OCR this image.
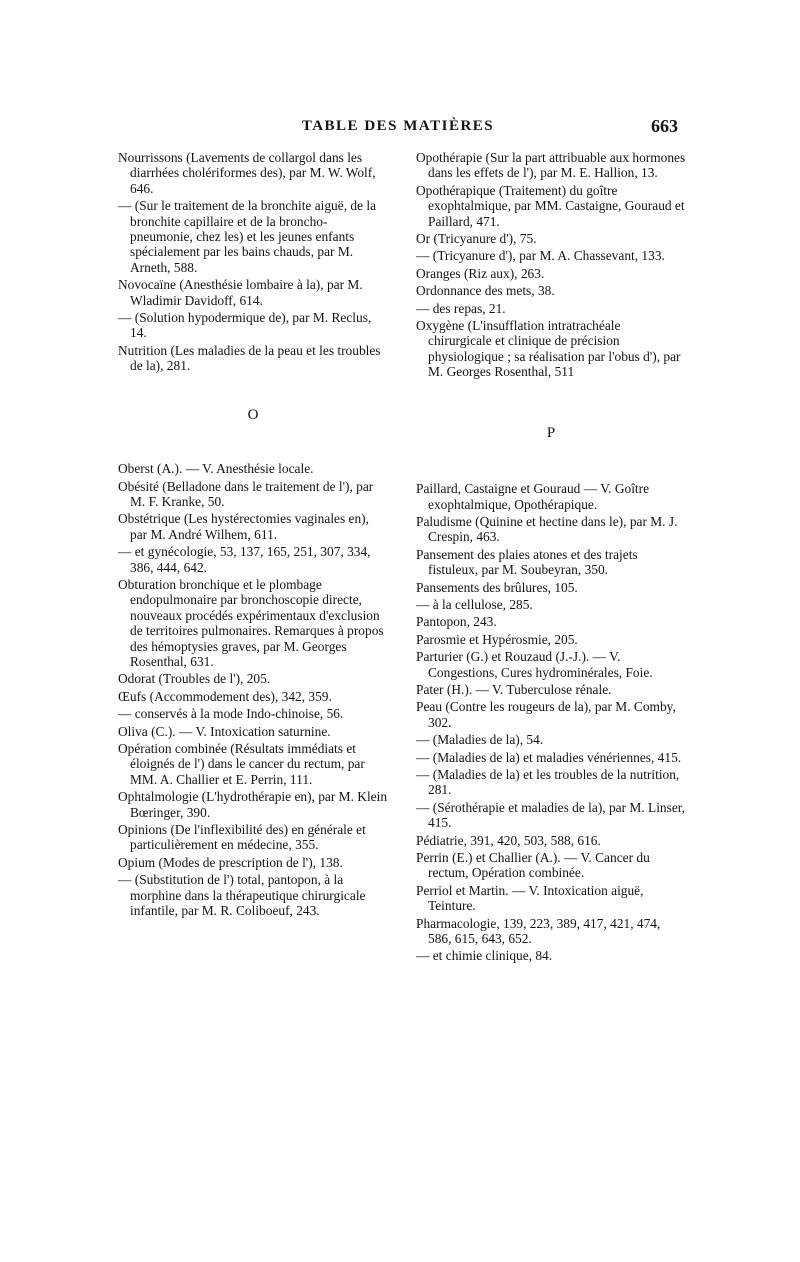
TABLE DES MATIÈRES	663

Nourrissons (Lavements de collargol dans les diarrhées cholériformes des), par M. W. Wolf, 646.

— (Sur le traitement de la bronchite aiguë, de la bronchite capillaire et de la broncho-pneumonie, chez les) et les jeunes enfants spécialement par les bains chauds, par M. Arneth, 588.

Novocaïne (Anesthésie lombaire à la), par M. Wladimir Davidoff, 614.

— (Solution hypodermique de), par M. Reclus, 14.

Nutrition (Les maladies de la peau et les troubles de la), 281.

O

Oberst (A.). — V. Anesthésie locale.

Obésité (Belladone dans le traitement de l'), par M. F. Kranke, 50.

Obstétrique (Les hystérectomies vaginales en), par M. André Wilhem, 611.

— et gynécologie, 53, 137, 165, 251, 307, 334, 386, 444, 642.

Obturation bronchique et le plombage endopulmonaire par bronchoscopie directe, nouveaux procédés expérimentaux d'exclusion de territoires pulmonaires. Remarques à propos des hémoptysies graves, par M. Georges Rosenthal, 631.

Odorat (Troubles de l'), 205.

Œufs (Accommodement des), 342, 359.

— conservés à la mode Indo-chinoise, 56.

Oliva (C.). — V. Intoxication saturnine.

Opération combinée (Résultats immédiats et éloignés de l') dans le cancer du rectum, par MM. A. Challier et E. Perrin, 111.

Ophtalmologie (L'hydrothérapie en), par M. Klein Bœringer, 390.

Opinions (De l'inflexibilité des) en générale et particulièrement en médecine, 355.

Opium (Modes de prescription de l'), 138.

— (Substitution de l') total, pantopon, à la morphine dans la thérapeutique chirurgicale infantile, par M. R. Coliboeuf, 243.

Opothérapie (Sur la part attribuable aux hormones dans les effets de l'), par M. E. Hallion, 13.

Opothérapique (Traitement) du goître exophtalmique, par MM. Castaigne, Gouraud et Paillard, 471.

Or (Tricyanure d'), 75.

— (Tricyanure d'), par M. A. Chassevant, 133.

Oranges (Riz aux), 263.

Ordonnance des mets, 38.

— des repas, 21.

Oxygène (L'insufflation intratrachéale chirurgicale et clinique de précision physiologique ; sa réalisation par l'obus d'), par M. Georges Rosenthal, 511

P

Paillard, Castaigne et Gouraud — V. Goître exophtalmique, Opothérapique.

Paludisme (Quinine et hectine dans le), par M. J. Crespin, 463.

Pansement des plaies atones et des trajets fistuleux, par M. Soubeyran, 350.

Pansements des brûlures, 105.

— à la cellulose, 285.

Pantopon, 243.

Parosmie et Hypérosmie, 205.

Parturier (G.) et Rouzaud (J.-J.). — V. Congestions, Cures hydrominérales, Foie.

Pater (H.). — V. Tuberculose rénale.

Peau (Contre les rougeurs de la), par M. Comby, 302.

— (Maladies de la), 54.

— (Maladies de la) et maladies vénériennes, 415.

— (Maladies de la) et les troubles de la nutrition, 281.

— (Sérothérapie et maladies de la), par M. Linser, 415.

Pédiatrie, 391, 420, 503, 588, 616.

Perrin (E.) et Challier (A.). — V. Cancer du rectum, Opération combinée.

Perriol et Martin. — V. Intoxication aiguë, Teinture.

Pharmacologie, 139, 223, 389, 417, 421, 474, 586, 615, 643, 652.

— et chimie clinique, 84.
